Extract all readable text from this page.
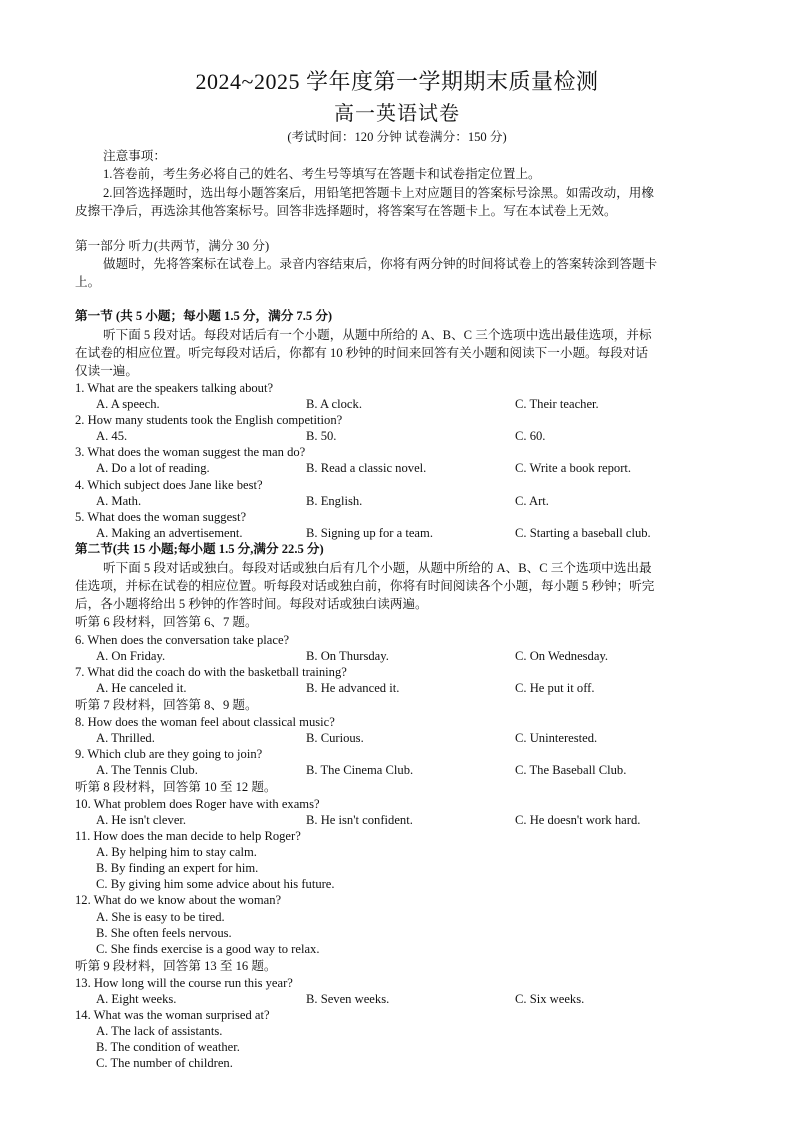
2024~2025 学年度第一学期期末质量检测
高一英语试卷
(考试时间：120 分钟 试卷满分：150 分)
注意事项：
1.答卷前，考生务必将自己的姓名、考生号等填写在答题卡和试卷指定位置上。
2.回答选择题时，选出每小题答案后，用铅笔把答题卡上对应题目的答案标号涂黑。如需改动，用橡
皮擦干净后，再选涂其他答案标号。回答非选择题时，将答案写在答题卡上。写在本试卷上无效。
第一部分 听力(共两节，满分 30 分)
做题时，先将答案标在试卷上。录音内容结束后，你将有两分钟的时间将试卷上的答案转涂到答题卡
上。
第一节 (共 5 小题；每小题 1.5 分，满分 7.5 分)
听下面 5 段对话。每段对话后有一个小题，从题中所给的 A、B、C 三个选项中选出最佳选项，并标
在试卷的相应位置。听完每段对话后，你都有 10 秒钟的时间来回答有关小题和阅读下一小题。每段对话
仅读一遍。
1. What are the speakers talking about?
A. A speech.	B. A clock.	C. Their teacher.
2. How many students took the English competition?
A. 45.	B. 50.	C. 60.
3. What does the woman suggest the man do?
A. Do a lot of reading.	B. Read a classic novel.	C. Write a book report.
4. Which subject does Jane like best?
A. Math.	B. English.	C. Art.
5. What does the woman suggest?
A. Making an advertisement.	B. Signing up for a team.	C. Starting a baseball club.
第二节(共 15 小题;每小题 1.5 分,满分 22.5 分)
听下面 5 段对话或独白。每段对话或独白后有几个小题，从题中所给的 A、B、C 三个选项中选出最
佳选项，并标在试卷的相应位置。听每段对话或独白前，你将有时间阅读各个小题，每小题 5 秒钟；听完
后，各小题将给出 5 秒钟的作答时间。每段对话或独白读两遍。
听第 6 段材料，回答第 6、7 题。
6. When does the conversation take place?
A. On Friday.	B. On Thursday.	C. On Wednesday.
7. What did the coach do with the basketball training?
A. He canceled it.	B. He advanced it.	C. He put it off.
听第 7 段材料，回答第 8、9 题。
8. How does the woman feel about classical music?
A. Thrilled.	B. Curious.	C. Uninterested.
9. Which club are they going to join?
A. The Tennis Club.	B. The Cinema Club.	C. The Baseball Club.
听第 8 段材料，回答第 10 至 12 题。
10. What problem does Roger have with exams?
A. He isn't clever.	B. He isn't confident.	C. He doesn't work hard.
11. How does the man decide to help Roger?
A. By helping him to stay calm.
B. By finding an expert for him.
C. By giving him some advice about his future.
12. What do we know about the woman?
A. She is easy to be tired.
B. She often feels nervous.
C. She finds exercise is a good way to relax.
听第 9 段材料，回答第 13 至 16 题。
13. How long will the course run this year?
A. Eight weeks.	B. Seven weeks.	C. Six weeks.
14. What was the woman surprised at?
A. The lack of assistants.
B. The condition of weather.
C. The number of children.
